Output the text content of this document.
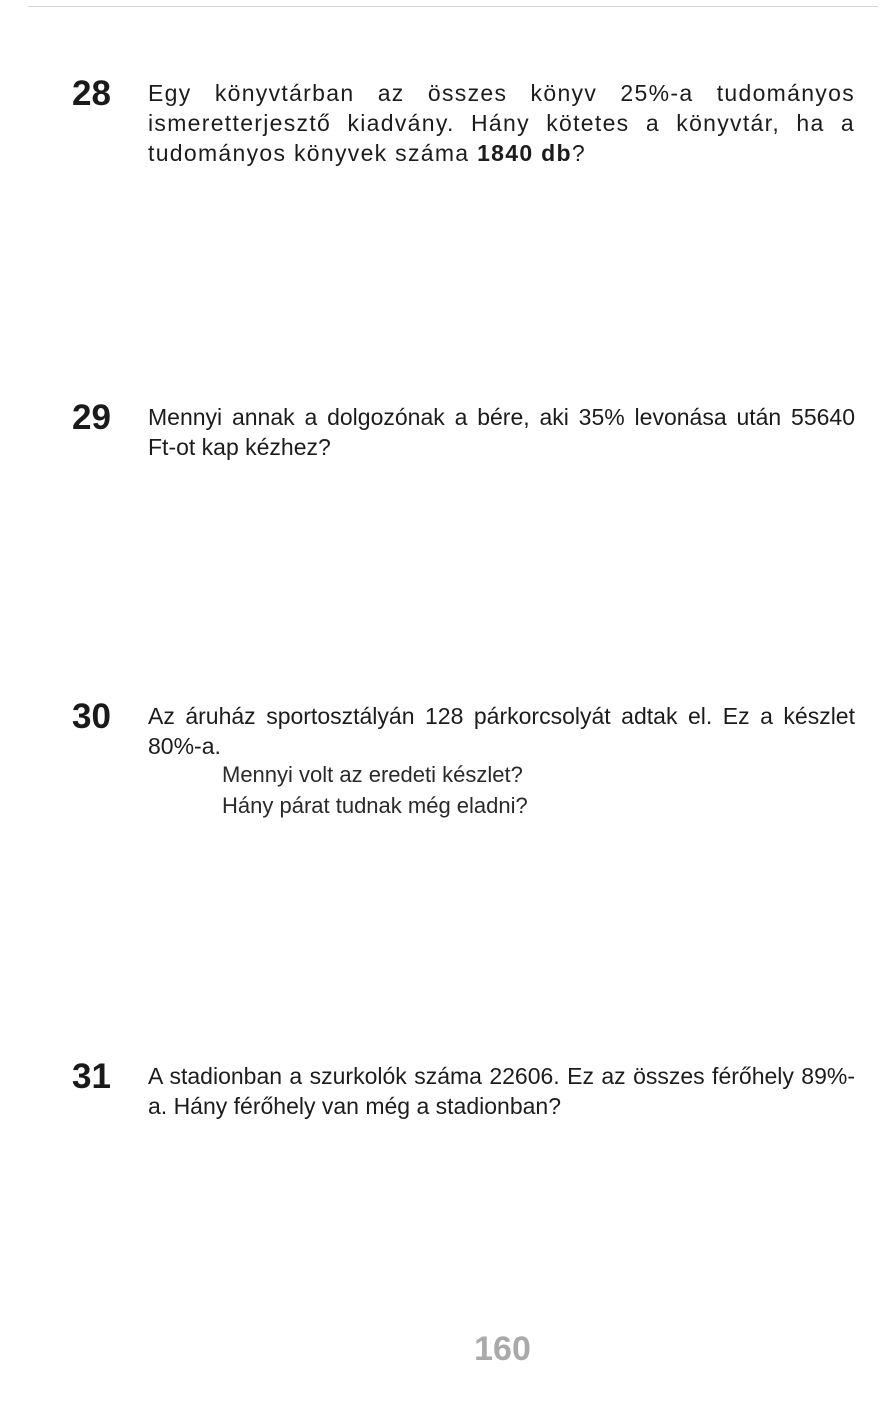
28 Egy könyvtárban az összes könyv 25%-a tudományos ismeretterjesztő kiadvány. Hány kötetes a könyvtár, ha a tudományos könyvek száma 1840 db?
29 Mennyi annak a dolgozónak a bére, aki 35% levonása után 55640 Ft-ot kap kézhez?
30 Az áruház sportosztályán 128 párkorcsolyát adtak el. Ez a készlet 80%-a.
Mennyi volt az eredeti készlet?
Hány párat tudnak még eladni?
31 A stadionban a szurkolók száma 22606. Ez az összes férőhely 89%-a. Hány férőhely van még a stadionban?
160
